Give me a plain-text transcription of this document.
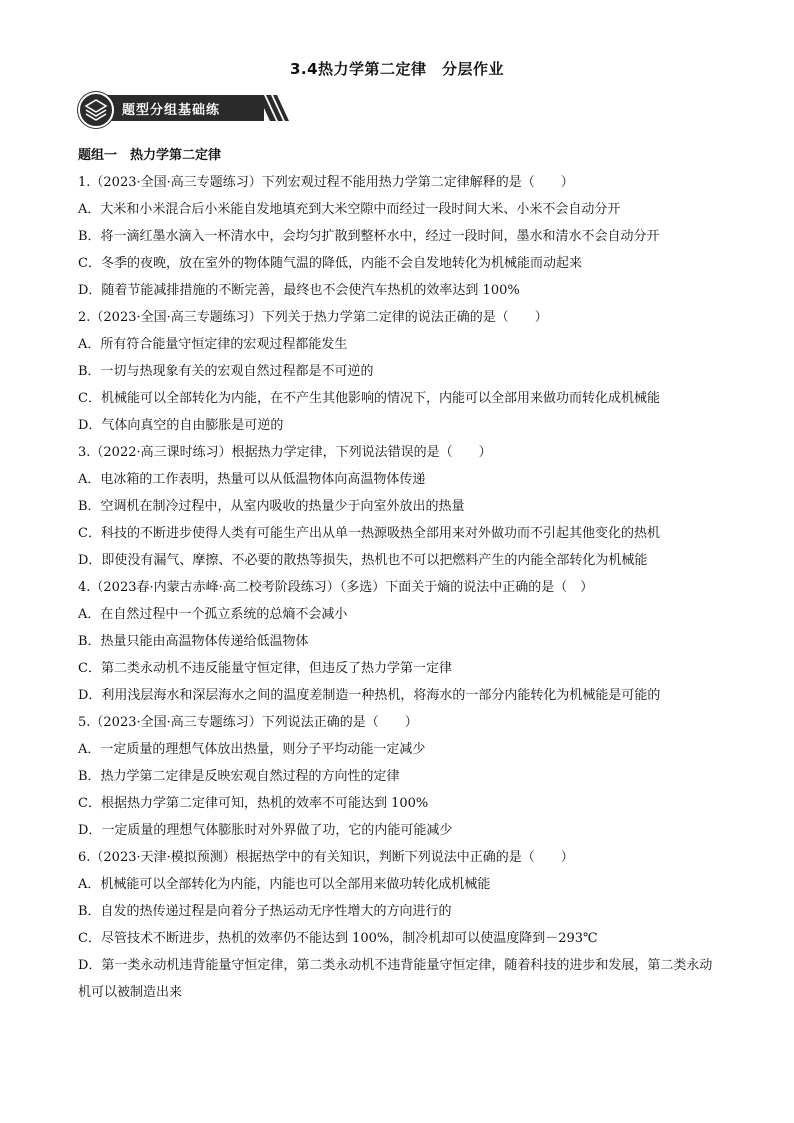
3.4热力学第二定律　分层作业
题型分组基础练
题组一　热力学第二定律
1.（2023·全国·高三专题练习）下列宏观过程不能用热力学第二定律解释的是（　　）
A．大米和小米混合后小米能自发地填充到大米空隙中而经过一段时间大米、小米不会自动分开
B．将一滴红墨水滴入一杯清水中，会均匀扩散到整杯水中，经过一段时间，墨水和清水不会自动分开
C．冬季的夜晚，放在室外的物体随气温的降低，内能不会自发地转化为机械能而动起来
D．随着节能减排措施的不断完善，最终也不会使汽车热机的效率达到 100%
2.（2023·全国·高三专题练习）下列关于热力学第二定律的说法正确的是（　　）
A．所有符合能量守恒定律的宏观过程都能发生
B．一切与热现象有关的宏观自然过程都是不可逆的
C．机械能可以全部转化为内能，在不产生其他影响的情况下，内能可以全部用来做功而转化成机械能
D．气体向真空的自由膨胀是可逆的
3.（2022·高三课时练习）根据热力学定律，下列说法错误的是（　　）
A．电冰箱的工作表明，热量可以从低温物体向高温物体传递
B．空调机在制冷过程中，从室内吸收的热量少于向室外放出的热量
C．科技的不断进步使得人类有可能生产出从单一热源吸热全部用来对外做功而不引起其他变化的热机
D．即使没有漏气、摩擦、不必要的散热等损失，热机也不可以把燃料产生的内能全部转化为机械能
4.（2023春·内蒙古赤峰·高二校考阶段练习）（多选）下面关于熵的说法中正确的是（　）
A．在自然过程中一个孤立系统的总熵不会减小
B．热量只能由高温物体传递给低温物体
C．第二类永动机不违反能量守恒定律，但违反了热力学第一定律
D．利用浅层海水和深层海水之间的温度差制造一种热机，将海水的一部分内能转化为机械能是可能的
5.（2023·全国·高三专题练习）下列说法正确的是（　　）
A．一定质量的理想气体放出热量，则分子平均动能一定减少
B．热力学第二定律是反映宏观自然过程的方向性的定律
C．根据热力学第二定律可知，热机的效率不可能达到 100%
D．一定质量的理想气体膨胀时对外界做了功，它的内能可能减少
6.（2023·天津·模拟预测）根据热学中的有关知识，判断下列说法中正确的是（　　）
A．机械能可以全部转化为内能，内能也可以全部用来做功转化成机械能
B．自发的热传递过程是向着分子热运动无序性增大的方向进行的
C．尽管技术不断进步，热机的效率仍不能达到 100%，制冷机却可以使温度降到－293℃
D．第一类永动机违背能量守恒定律，第二类永动机不违背能量守恒定律，随着科技的进步和发展，第二类永动机可以被制造出来
